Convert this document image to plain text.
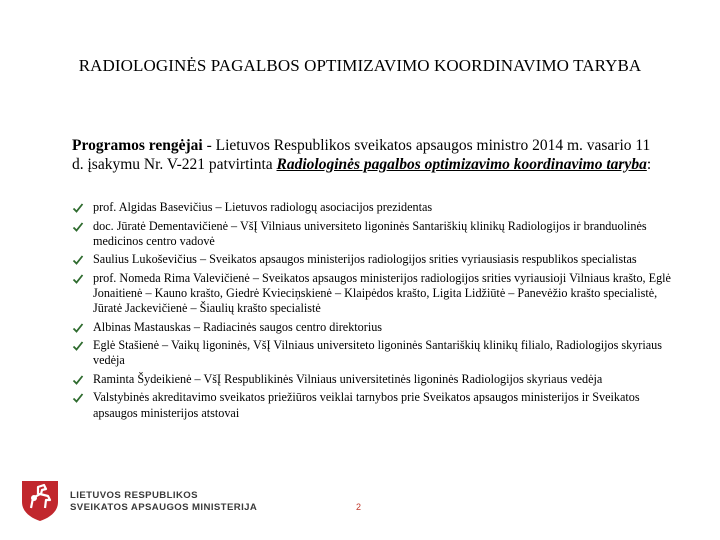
RADIOLOGINĖS PAGALBOS OPTIMIZAVIMO KOORDINAVIMO TARYBA
Programos rengėjai - Lietuvos Respublikos sveikatos apsaugos ministro 2014 m. vasario 11 d. įsakymu Nr. V-221 patvirtinta Radiologinės pagalbos optimizavimo koordinavimo taryba:
prof. Algidas Basevičius – Lietuvos radiologų asociacijos prezidentas
doc. Jūratė Dementavičienė – VšĮ Vilniaus universiteto ligoninės Santariškių klinikų Radiologijos ir branduolinės medicinos centro vadovė
Saulius Lukoševičius – Sveikatos apsaugos ministerijos radiologijos srities vyriausiasis respublikos specialistas
prof. Nomeda Rima Valevičienė – Sveikatos apsaugos ministerijos radiologijos srities vyriausioji Vilniaus krašto, Eglė Jonaitienė – Kauno krašto, Giedrė Kvieciņskienė – Klaipėdos krašto, Ligita Lidžiūtė – Panevėžio krašto specialistė, Jūratė Jackevičienė – Šiaulių krašto specialistė
Albinas Mastauskas – Radiacinės saugos centro direktorius
Eglė Stašienė – Vaikų ligoninės, VšĮ Vilniaus universiteto ligoninės Santariškių klinikų filialo, Radiologijos skyriaus vedėja
Raminta Šydeikienė – VšĮ Respublikinės Vilniaus universitetinės ligoninės Radiologijos skyriaus vedėja
Valstybinės akreditavimo sveikatos priežiūros veiklai tarnybos prie Sveikatos apsaugos ministerijos ir Sveikatos apsaugos ministerijos atstovai
LIETUVOS RESPUBLIKOS
SVEIKATOS APSAUGOS MINISTERIJA	2
